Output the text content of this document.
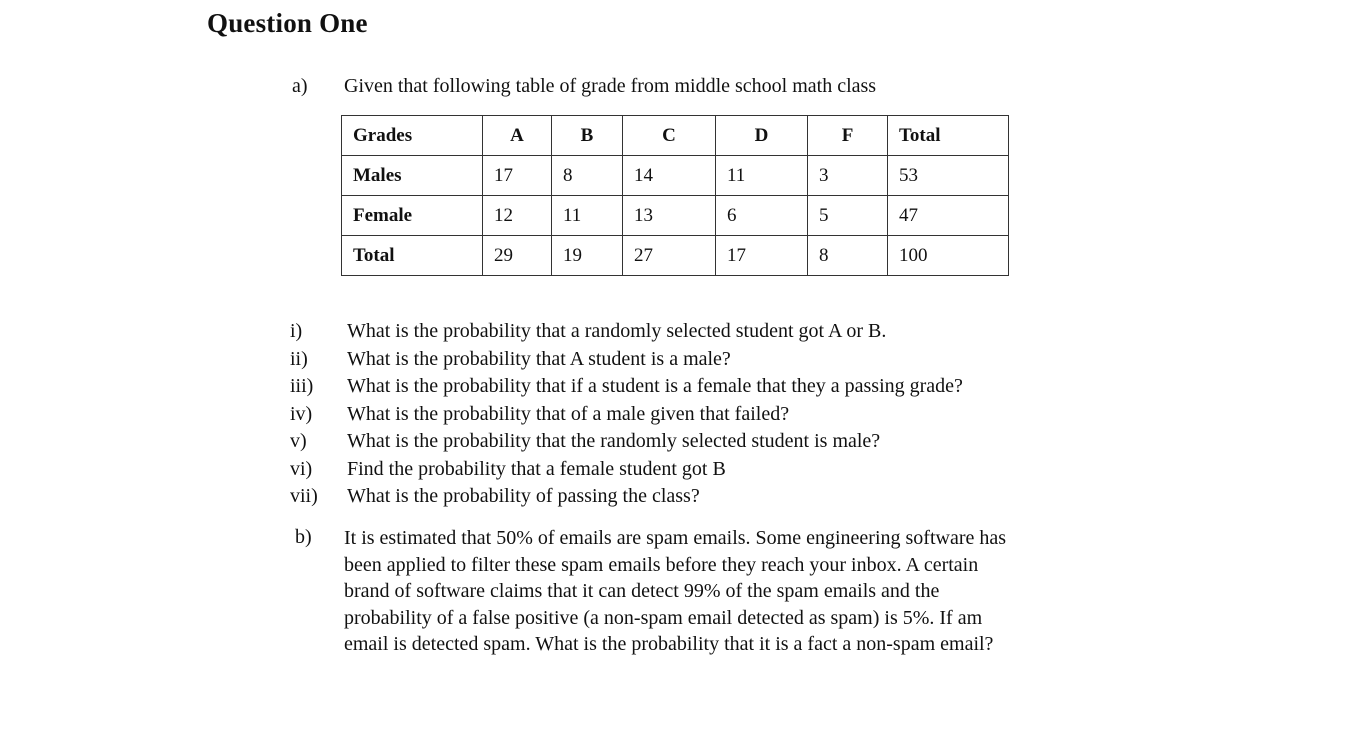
Question One
a) Given that following table of grade from middle school math class
Grades	A	B	C	D	F	Total
Males	17	8	14	11	3	53
Female	12	11	13	6	5	47
Total	29	19	27	17	8	100
i) What is the probability that a randomly selected student got A or B.
ii) What is the probability that A student is a male?
iii) What is the probability that if a student is a female that they a passing grade?
iv) What is the probability that of a male given that failed?
v) What is the probability that the randomly selected student is male?
vi) Find the probability that a female student got B
vii) What is the probability of passing the class?
b) It is estimated that 50% of emails are spam emails. Some engineering software has
been applied to filter these spam emails before they reach your inbox. A certain
brand of software claims that it can detect 99% of the spam emails and the
probability of a false positive (a non-spam email detected as spam) is 5%. If am
email is detected spam. What is the probability that it is a fact a non-spam email?
